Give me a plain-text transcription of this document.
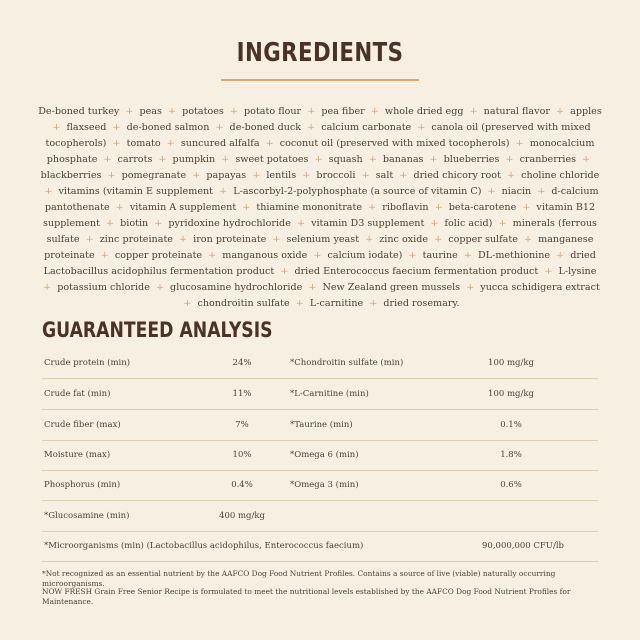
INGREDIENTS
De-boned turkey + peas + potatoes + potato flour + pea fiber + whole dried egg + natural flavor + apples + flaxseed + de-boned salmon + de-boned duck + calcium carbonate + canola oil (preserved with mixed tocopherols) + tomato + suncured alfalfa + coconut oil (preserved with mixed tocopherols) + monocalcium phosphate + carrots + pumpkin + sweet potatoes + squash + bananas + blueberries + cranberries + blackberries + pomegranate + papayas + lentils + broccoli + salt + dried chicory root + choline chloride + vitamins (vitamin E supplement + L-ascorbyl-2-polyphosphate (a source of vitamin C) + niacin + d-calcium pantothenate + vitamin A supplement + thiamine mononitrate + riboflavin + beta-carotene + vitamin B12 supplement + biotin + pyridoxine hydrochloride + vitamin D3 supplement + folic acid) + minerals (ferrous sulfate + zinc proteinate + iron proteinate + selenium yeast + zinc oxide + copper sulfate + manganese proteinate + copper proteinate + manganous oxide + calcium iodate) + taurine + DL-methionine + dried Lactobacillus acidophilus fermentation product + dried Enterococcus faecium fermentation product + L-lysine + potassium chloride + glucosamine hydrochloride + New Zealand green mussels + yucca schidigera extract + chondroitin sulfate + L-carnitine + dried rosemary.
GUARANTEED ANALYSIS
Crude protein (min)	24%	*Chondroitin sulfate (min)	100 mg/kg
Crude fat (min)	11%	*L-Carnitine (min)	100 mg/kg
Crude fiber (max)	7%	*Taurine (min)	0.1%
Moisture (max)	10%	*Omega 6 (min)	1.8%
Phosphorus (min)	0.4%	*Omega 3 (min)	0.6%
*Glucosamine (min)	400 mg/kg
*Microorganisms (min) (Lactobacillus acidophilus, Enterococcus faecium)	90,000,000 CFU/lb
*Not recognized as an essential nutrient by the AAFCO Dog Food Nutrient Profiles. Contains a source of live (viable) naturally occurring microorganisms.
NOW FRESH Grain Free Senior Recipe is formulated to meet the nutritional levels established by the AAFCO Dog Food Nutrient Profiles for Maintenance.
